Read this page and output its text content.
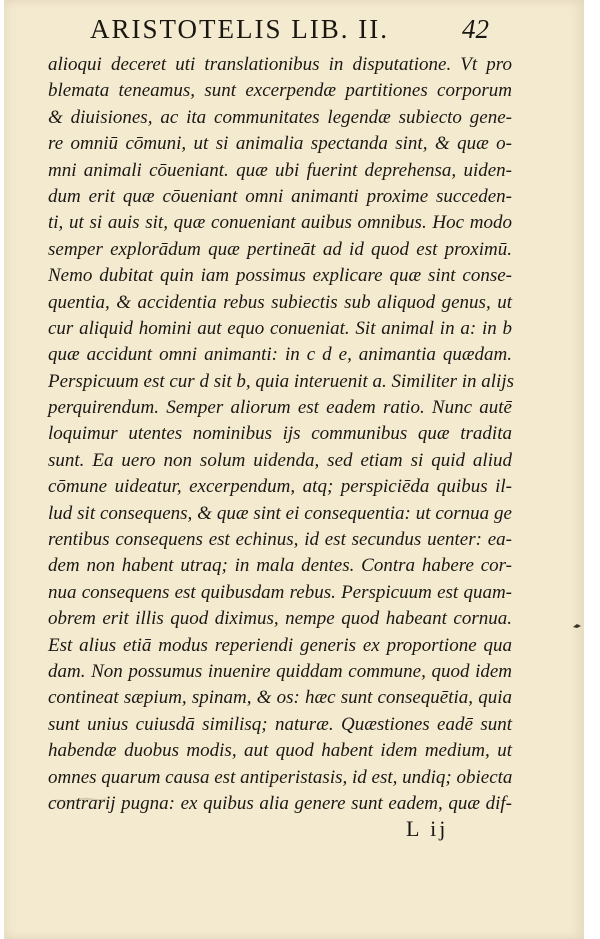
ARISTOTELIS LIB. II.	42
alioqui deceret uti translationibus in disputatione. Vt pro
blemata teneamus, sunt excerpendæ partitiones corporum
& diuisiones, ac ita communitates legendæ subiecto gene-
re omniū cōmuni, ut si animalia spectanda sint, & quæ o-
mni animali cōueniant. quæ ubi fuerint deprehensa, uiden-
dum erit quæ cōueniant omni animanti proxime succeden-
ti, ut si auis sit, quæ conueniant auibus omnibus. Hoc modo
semper explorādum quæ pertineāt ad id quod est proximū.
Nemo dubitat quin iam possimus explicare quæ sint conse-
quentia, & accidentia rebus subiectis sub aliquod genus, ut
cur aliquid homini aut equo conueniat. Sit animal in a: in b
quæ accidunt omni animanti: in c d e, animantia quædam.
Perspicuum est cur d sit b, quia interuenit a. Similiter in alijs
perquirendum. Semper aliorum est eadem ratio. Nunc autē
loquimur utentes nominibus ijs communibus quæ tradita
sunt. Ea uero non solum uidenda, sed etiam si quid aliud
cōmune uideatur, excerpendum, atq; perspiciēda quibus il-
lud sit consequens, & quæ sint ei consequentia: ut cornua ge
rentibus consequens est echinus, id est secundus uenter: ea-
dem non habent utraq; in mala dentes. Contra habere cor-
nua consequens est quibusdam rebus. Perspicuum est quam-
obrem erit illis quod diximus, nempe quod habeant cornua.
Est alius etiā modus reperiendi generis ex proportione qua
dam. Non possumus inuenire quiddam commune, quod idem
contineat sæpium, spinam, & os: hæc sunt consequētia, quia
sunt unius cuiusdā similisq; naturæ. Quæstiones eadē sunt
habendæ duobus modis, aut quod habent idem medium, ut
omnes quarum causa est antiperistasis, id est, undiq; obiecta
contrarij pugna: ex quibus alia genere sunt eadem, quæ dif-
L ij
